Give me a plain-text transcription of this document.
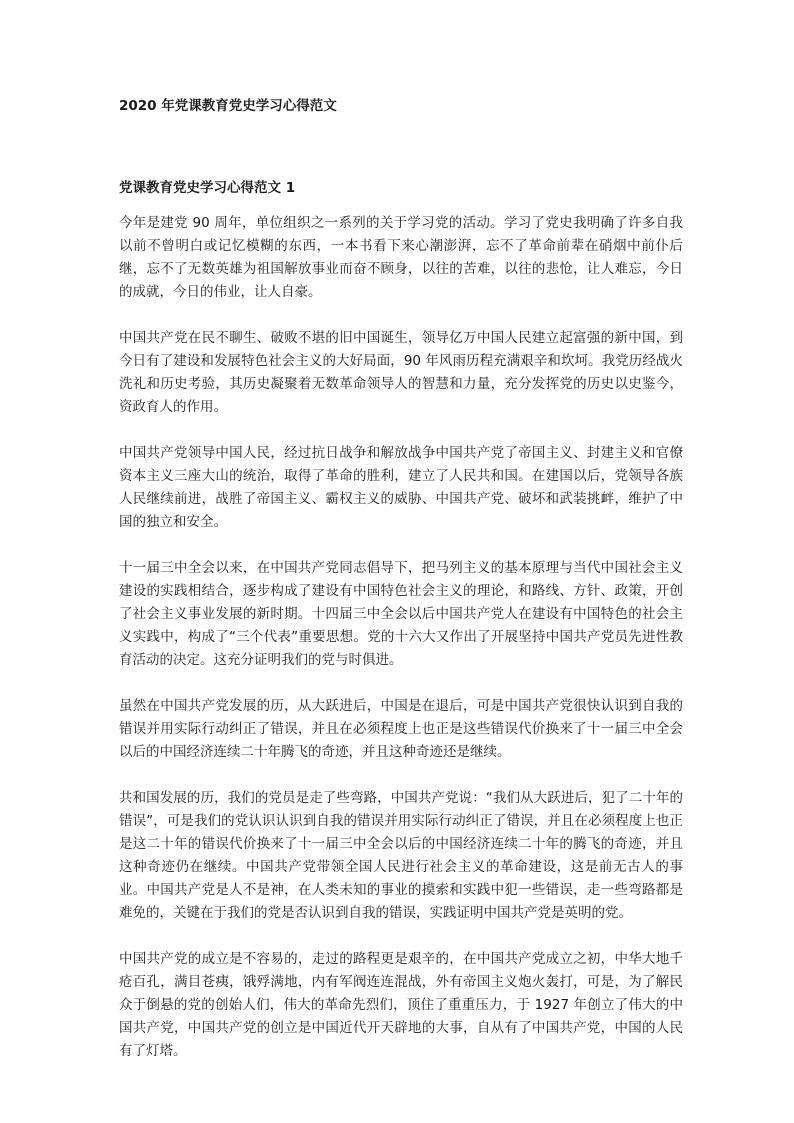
2020 年党课教育党史学习心得范文
党课教育党史学习心得范文 1

今年是建党 90 周年，单位组织之一系列的关于学习党的活动。学习了党史我明确了许多自我以前不曾明白或记忆模糊的东西，一本书看下来心潮澎湃，忘不了革命前辈在硝烟中前仆后继，忘不了无数英雄为祖国解放事业而奋不顾身，以往的苦难，以往的悲怆，让人难忘，今日的成就，今日的伟业，让人自豪。

中国共产党在民不聊生、破败不堪的旧中国诞生，领导亿万中国人民建立起富强的新中国，到今日有了建设和发展特色社会主义的大好局面，90 年风雨历程充满艰辛和坎坷。我党历经战火洗礼和历史考验，其历史凝聚着无数革命领导人的智慧和力量，充分发挥党的历史以史鉴今，资政育人的作用。

中国共产党领导中国人民，经过抗日战争和解放战争中国共产党了帝国主义、封建主义和官僚资本主义三座大山的统治，取得了革命的胜利，建立了人民共和国。在建国以后，党领导各族人民继续前进，战胜了帝国主义、霸权主义的威胁、中国共产党、破坏和武装挑衅，维护了中国的独立和安全。

十一届三中全会以来，在中国共产党同志倡导下，把马列主义的基本原理与当代中国社会主义建设的实践相结合，逐步构成了建设有中国特色社会主义的理论，和路线、方针、政策，开创了社会主义事业发展的新时期。十四届三中全会以后中国共产党人在建设有中国特色的社会主义实践中，构成了“三个代表”重要思想。党的十六大又作出了开展坚持中国共产党员先进性教育活动的决定。这充分证明我们的党与时俱进。

虽然在中国共产党发展的历，从大跃进后，中国是在退后，可是中国共产党很快认识到自我的错误并用实际行动纠正了错误，并且在必须程度上也正是这些错误代价换来了十一届三中全会以后的中国经济连续二十年腾飞的奇迹，并且这种奇迹还是继续。

共和国发展的历，我们的党员是走了些弯路，中国共产党说：“我们从大跃进后，犯了二十年的错误”，可是我们的党认识认识到自我的错误并用实际行动纠正了错误，并且在必须程度上也正是这二十年的错误代价换来了十一届三中全会以后的中国经济连续二十年的腾飞的奇迹，并且这种奇迹仍在继续。中国共产党带领全国人民进行社会主义的革命建设，这是前无古人的事业。中国共产党是人不是神，在人类未知的事业的摸索和实践中犯一些错误，走一些弯路都是难免的，关键在于我们的党是否认识到自我的错误，实践证明中国共产党是英明的党。

中国共产党的成立是不容易的，走过的路程更是艰辛的，在中国共产党成立之初，中华大地千疮百孔，满目苍痍，饿殍满地，内有军阀连连混战，外有帝国主义炮火轰打，可是，为了解民众于倒悬的党的创始人们，伟大的革命先烈们，顶住了重重压力，于 1927 年创立了伟大的中国共产党，中国共产党的创立是中国近代开天辟地的大事，自从有了中国共产党，中国的人民有了灯塔。
